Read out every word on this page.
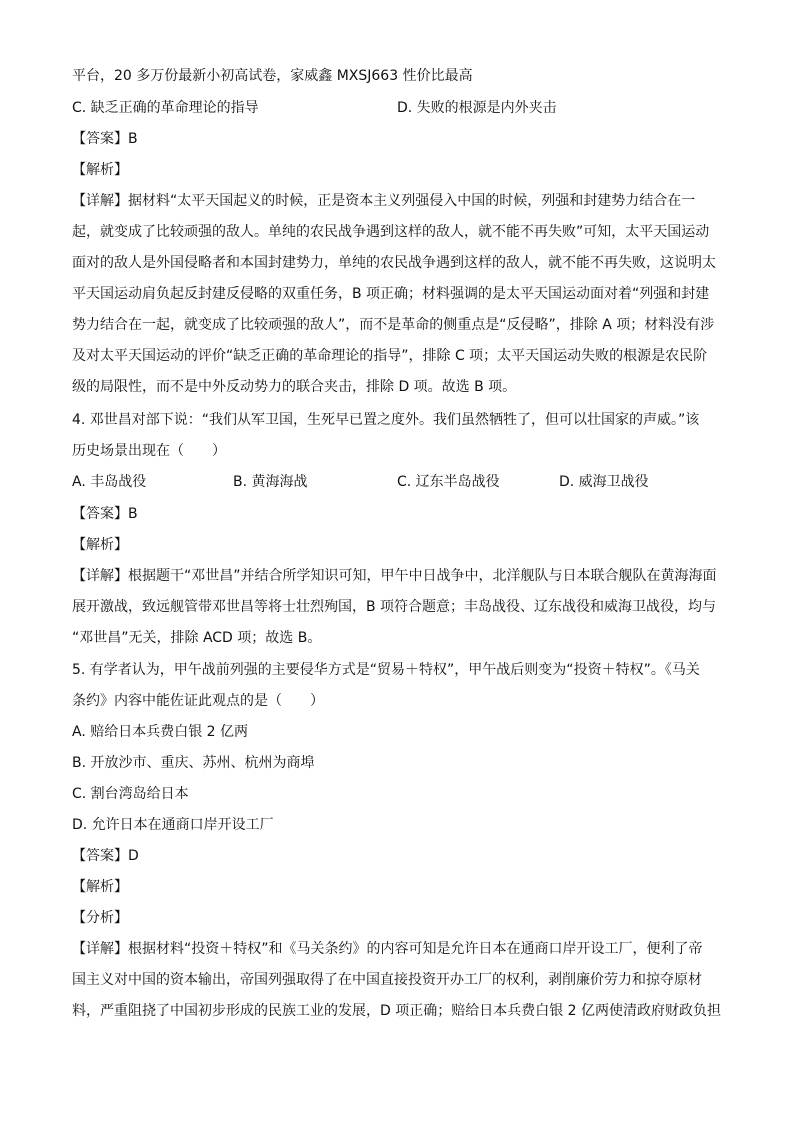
平台，20 多万份最新小初高试卷，家威鑫 MXSJ663 性价比最高
C. 缺乏正确的革命理论的指导	D. 失败的根源是内外夹击
【答案】B
【解析】
【详解】据材料“太平天国起义的时候，正是资本主义列强侵入中国的时候，列强和封建势力结合在一
起，就变成了比较顽强的敌人。单纯的农民战争遇到这样的敌人，就不能不再失败”可知，太平天国运动
面对的敌人是外国侵略者和本国封建势力，单纯的农民战争遇到这样的敌人，就不能不再失败，这说明太
平天国运动肩负起反封建反侵略的双重任务，B 项正确；材料强调的是太平天国运动面对着“列强和封建
势力结合在一起，就变成了比较顽强的敌人”，而不是革命的侧重点是“反侵略”，排除 A 项；材料没有涉
及对太平天国运动的评价“缺乏正确的革命理论的指导”，排除 C 项；太平天国运动失败的根源是农民阶
级的局限性，而不是中外反动势力的联合夹击，排除 D 项。故选 B 项。
4. 邓世昌对部下说：“我们从军卫国，生死早已置之度外。我们虽然牺牲了，但可以壮国家的声威。”该
历史场景出现在（　　）
A. 丰岛战役	B. 黄海海战	C. 辽东半岛战役	D. 威海卫战役
【答案】B
【解析】
【详解】根据题干“邓世昌”并结合所学知识可知，甲午中日战争中，北洋舰队与日本联合舰队在黄海海面
展开激战，致远舰管带邓世昌等将士壮烈殉国，B 项符合题意；丰岛战役、辽东战役和威海卫战役，均与
“邓世昌”无关，排除 ACD 项；故选 B。
5. 有学者认为，甲午战前列强的主要侵华方式是“贸易＋特权”，甲午战后则变为“投资＋特权”。《马关
条约》内容中能佐证此观点的是（　　）
A. 赔给日本兵费白银 2 亿两
B. 开放沙市、重庆、苏州、杭州为商埠
C. 割台湾岛给日本
D. 允许日本在通商口岸开设工厂
【答案】D
【解析】
【分析】
【详解】根据材料“投资＋特权”和《马关条约》的内容可知是允许日本在通商口岸开设工厂，便利了帝
国主义对中国的资本输出，帝国列强取得了在中国直接投资开办工厂的权利，剥削廉价劳力和掠夺原材
料，严重阻挠了中国初步形成的民族工业的发展，D 项正确；赔给日本兵费白银 2 亿两使清政府财政负担
